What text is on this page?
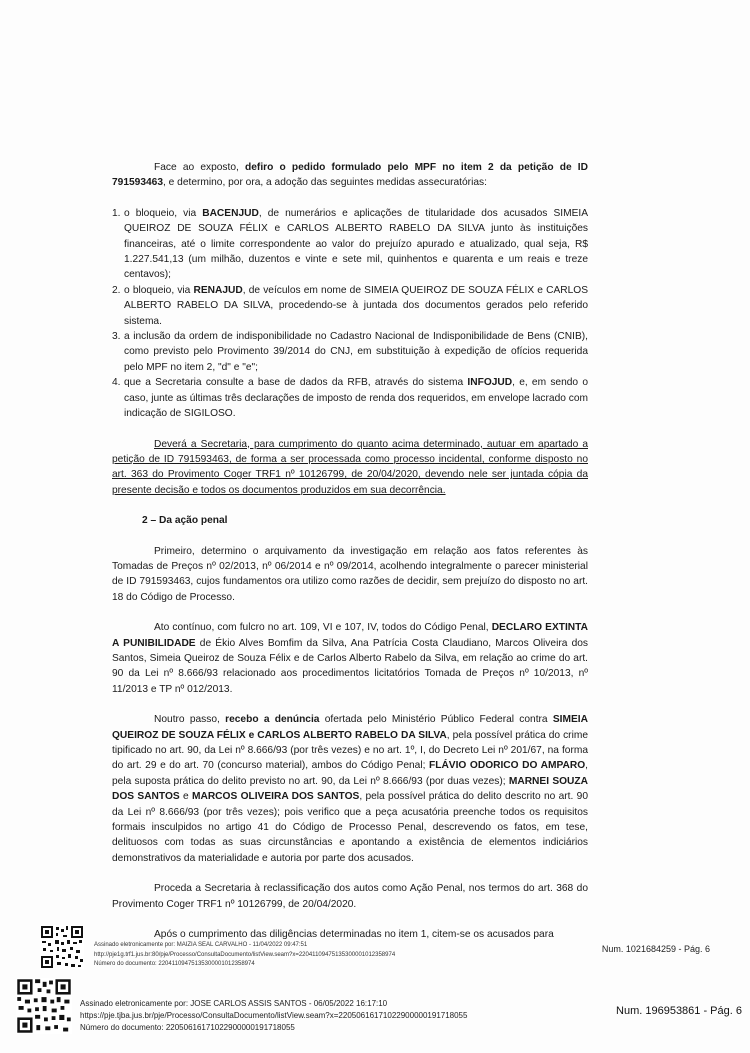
Face ao exposto, defiro o pedido formulado pelo MPF no item 2 da petição de ID 791593463, e determino, por ora, a adoção das seguintes medidas assecuratórias:

1. o bloqueio, via BACENJUD, de numerários e aplicações de titularidade dos acusados SIMEIA QUEIROZ DE SOUZA FÉLIX e CARLOS ALBERTO RABELO DA SILVA junto às instituições financeiras, até o limite correspondente ao valor do prejuízo apurado e atualizado, qual seja, R$ 1.227.541,13 (um milhão, duzentos e vinte e sete mil, quinhentos e quarenta e um reais e treze centavos);
2. o bloqueio, via RENAJUD, de veículos em nome de SIMEIA QUEIROZ DE SOUZA FÉLIX e CARLOS ALBERTO RABELO DA SILVA, procedendo-se à juntada dos documentos gerados pelo referido sistema.
3. a inclusão da ordem de indisponibilidade no Cadastro Nacional de Indisponibilidade de Bens (CNIB), como previsto pelo Provimento 39/2014 do CNJ, em substituição à expedição de ofícios requerida pelo MPF no item 2, "d" e "e";
4. que a Secretaria consulte a base de dados da RFB, através do sistema INFOJUD, e, em sendo o caso, junte as últimas três declarações de imposto de renda dos requeridos, em envelope lacrado com indicação de SIGILOSO.

Deverá a Secretaria, para cumprimento do quanto acima determinado, autuar em apartado a petição de ID 791593463, de forma a ser processada como processo incidental, conforme disposto no art. 363 do Provimento Coger TRF1 nº 10126799, de 20/04/2020, devendo nele ser juntada cópia da presente decisão e todos os documentos produzidos em sua decorrência.

2 – Da ação penal

Primeiro, determino o arquivamento da investigação em relação aos fatos referentes às Tomadas de Preços nº 02/2013, nº 06/2014 e nº 09/2014, acolhendo integralmente o parecer ministerial de ID 791593463, cujos fundamentos ora utilizo como razões de decidir, sem prejuízo do disposto no art. 18 do Código de Processo.

Ato contínuo, com fulcro no art. 109, VI e 107, IV, todos do Código Penal, DECLARO EXTINTA A PUNIBILIDADE de Ékio Alves Bomfim da Silva, Ana Patrícia Costa Claudiano, Marcos Oliveira dos Santos, Simeia Queiroz de Souza Félix e de Carlos Alberto Rabelo da Silva, em relação ao crime do art. 90 da Lei nº 8.666/93 relacionado aos procedimentos licitatórios Tomada de Preços nº 10/2013, nº 11/2013 e TP nº 012/2013.

Noutro passo, recebo a denúncia ofertada pelo Ministério Público Federal contra SIMEIA QUEIROZ DE SOUZA FÉLIX e CARLOS ALBERTO RABELO DA SILVA, pela possível prática do crime tipificado no art. 90, da Lei nº 8.666/93 (por três vezes) e no art. 1º, I, do Decreto Lei nº 201/67, na forma do art. 29 e do art. 70 (concurso material), ambos do Código Penal; FLÁVIO ODORICO DO AMPARO, pela suposta prática do delito previsto no art. 90, da Lei nº 8.666/93 (por duas vezes); MARNEI SOUZA DOS SANTOS e MARCOS OLIVEIRA DOS SANTOS, pela possível prática do delito descrito no art. 90 da Lei nº 8.666/93 (por três vezes); pois verifico que a peça acusatória preenche todos os requisitos formais insculpidos no artigo 41 do Código de Processo Penal, descrevendo os fatos, em tese, delituosos com todas as suas circunstâncias e apontando a existência de elementos indiciários demonstrativos da materialidade e autoria por parte dos acusados.

Proceda a Secretaria à reclassificação dos autos como Ação Penal, nos termos do art. 368 do Provimento Coger TRF1 nº 10126799, de 20/04/2020.

Após o cumprimento das diligências determinadas no item 1, citem-se os acusados para

Assinado eletronicamente por: MAIZIA SEAL CARVALHO - 11/04/2022 09:47:51
http://pje1g.trf1.jus.br:80/pje/Processo/ConsultaDocumento/listView.seam?x=22041109475135300001012358974
Número do documento: 22041109475135300001012358974
Num. 1021684259 - Pág. 6
Assinado eletronicamente por: JOSE CARLOS ASSIS SANTOS - 06/05/2022 16:17:10
https://pje.tjba.jus.br/pje/Processo/ConsultaDocumento/listView.seam?x=22050616171022900000191718055
Número do documento: 22050616171022900000191718055
Num. 196953861 - Pág. 6
